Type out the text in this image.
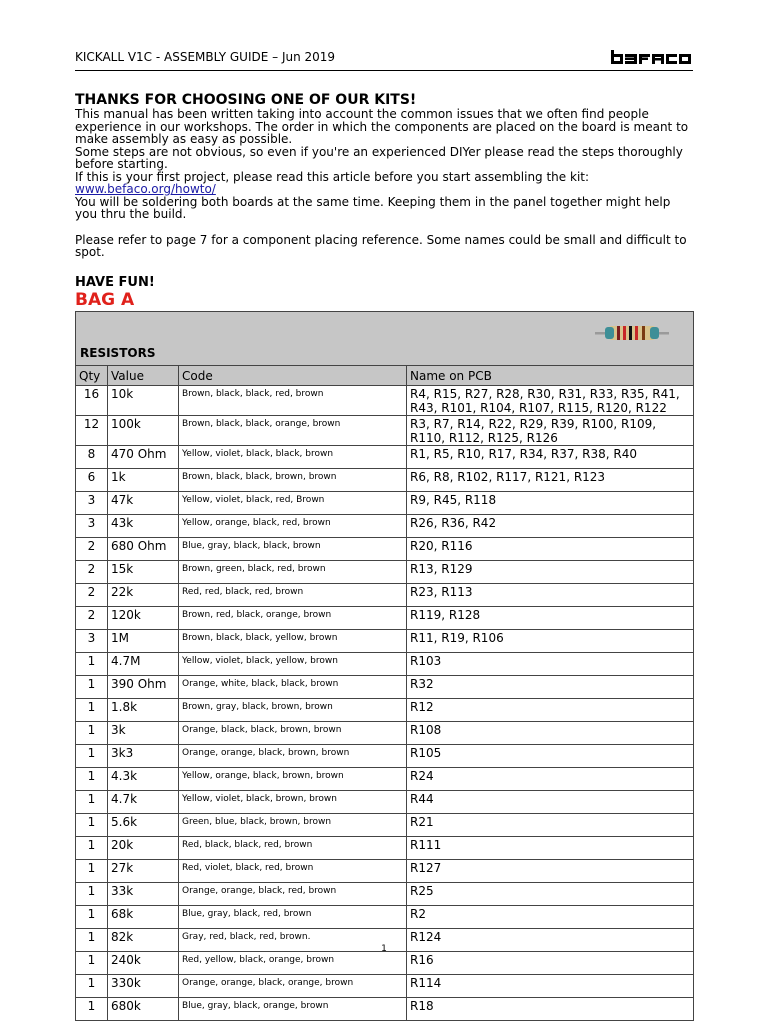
KICKALL V1C - ASSEMBLY GUIDE – Jun 2019
THANKS FOR CHOOSING ONE OF OUR KITS!

This manual has been written taking into account the common issues that we often find people experience in our workshops. The order in which the components are placed on the board is meant to make assembly as easy as possible.

Some steps are not obvious, so even if you're an experienced DIYer please read the steps thoroughly before starting.

If this is your first project, please read this article before you start assembling the kit:

www.befaco.org/howto/

You will be soldering both boards at the same time. Keeping them in the panel together might help you thru the build.

Please refer to page 7 for a component placing reference. Some names could be small and difficult to spot.

HAVE FUN!
BAG A
RESISTORS			

Qty	Value	Code	Name on PCB
16	10k	Brown, black, black, red, brown	R4, R15, R27, R28, R30, R31, R33, R35, R41, R43, R101, R104, R107, R115, R120, R122
12	100k	Brown, black, black, orange, brown	R3, R7, R14, R22, R29, R39, R100, R109, R110, R112, R125, R126
8	470 Ohm	Yellow, violet, black, black, brown	R1, R5, R10, R17, R34, R37, R38, R40
6	1k	Brown, black, black, brown, brown	R6, R8, R102, R117, R121, R123
3	47k	Yellow, violet, black, red, Brown	R9, R45, R118
3	43k	Yellow, orange, black, red, brown	R26, R36, R42
2	680 Ohm	Blue, gray, black, black, brown	R20, R116
2	15k	Brown, green, black, red, brown	R13, R129
2	22k	Red, red, black, red, brown	R23, R113
2	120k	Brown, red, black, orange, brown	R119, R128
3	1M	Brown, black, black, yellow, brown	R11, R19, R106
1	4.7M	Yellow, violet, black, yellow, brown	R103
1	390 Ohm	Orange, white, black, black, brown	R32
1	1.8k	Brown, gray, black, brown, brown	R12
1	3k	Orange, black, black, brown, brown	R108
1	3k3	Orange, orange, black, brown, brown	R105
1	4.3k	Yellow, orange, black, brown, brown	R24
1	4.7k	Yellow, violet, black, brown, brown	R44
1	5.6k	Green, blue, black, brown, brown	R21
1	20k	Red, black, black, red, brown	R111
1	27k	Red, violet, black, red, brown	R127
1	33k	Orange, orange, black, red, brown	R25
1	68k	Blue, gray, black, red, brown	R2
1	82k	Gray, red, black, red, brown.	R124
1	240k	Red, yellow, black, orange, brown	R16
1	330k	Orange, orange, black, orange, brown	R114
1	680k	Blue, gray, black, orange, brown	R18
1
